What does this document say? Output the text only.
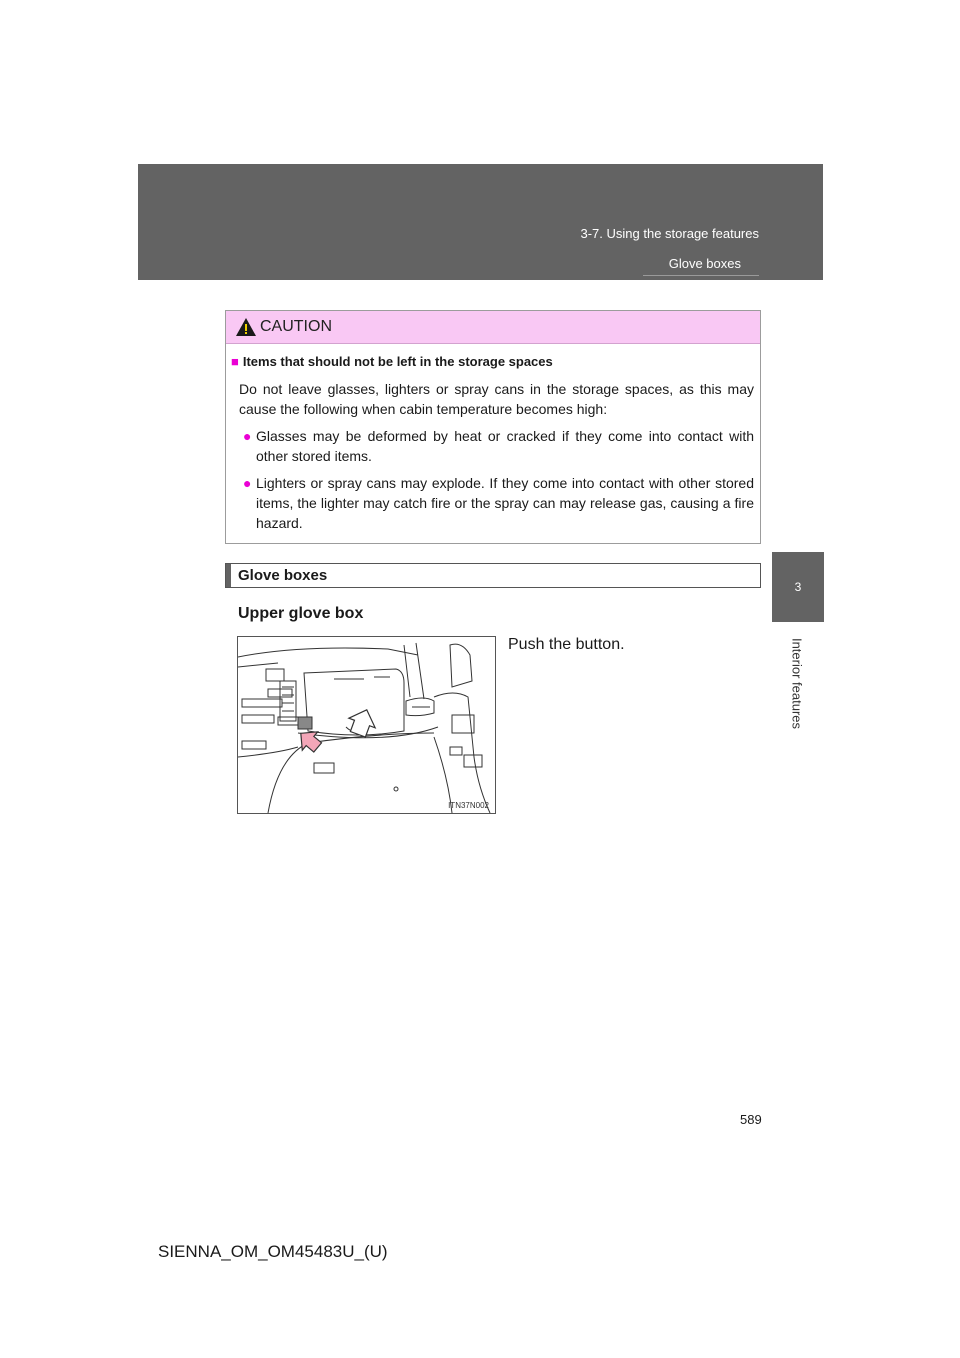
3-7. Using the storage features
Glove boxes
3
Interior features
CAUTION
■ Items that should not be left in the storage spaces
Do not leave glasses, lighters or spray cans in the storage spaces, as this may cause the following when cabin temperature becomes high:
● Glasses may be deformed by heat or cracked if they come into contact with other stored items.
● Lighters or spray cans may explode. If they come into contact with other stored items, the lighter may catch fire or the spray can may release gas, causing a fire hazard.
Glove boxes
Upper glove box
ITN37N002
Push the button.
589
SIENNA_OM_OM45483U_(U)
